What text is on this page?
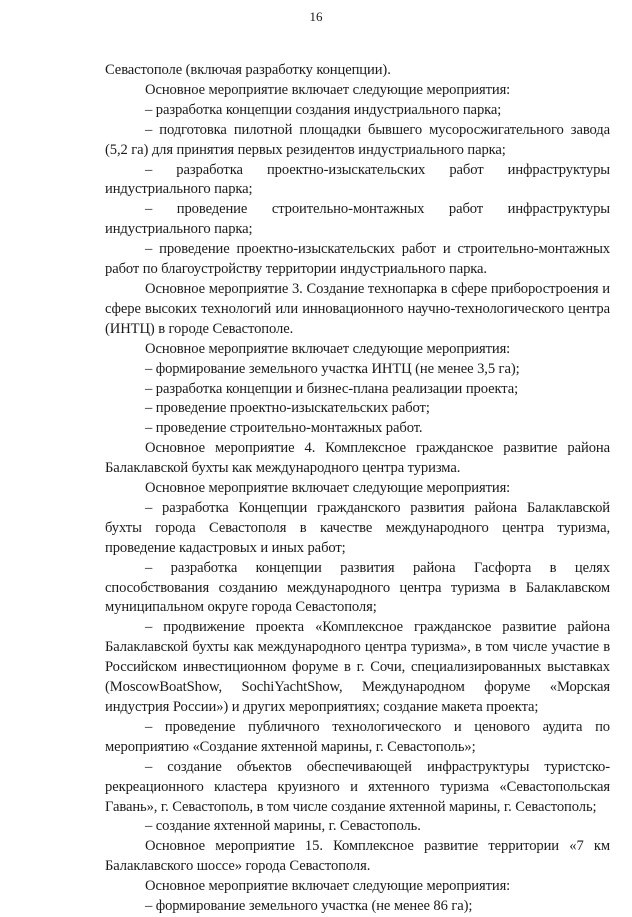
16

Севастополе (включая разработку концепции).

Основное мероприятие включает следующие мероприятия:

– разработка концепции создания индустриального парка;

– подготовка пилотной площадки бывшего мусоросжигательного завода (5,2 га) для принятия первых резидентов индустриального парка;

– разработка проектно-изыскательских работ инфраструктуры индустриального парка;

– проведение строительно-монтажных работ инфраструктуры индустриального парка;

– проведение проектно-изыскательских работ и строительно-монтажных работ по благоустройству территории индустриального парка.

Основное мероприятие 3. Создание технопарка в сфере приборостроения и сфере высоких технологий или инновационного научно-технологического центра (ИНТЦ) в городе Севастополе.

Основное мероприятие включает следующие мероприятия:

– формирование земельного участка ИНТЦ (не менее 3,5 га);

– разработка концепции и бизнес-плана реализации проекта;

– проведение проектно-изыскательских работ;

– проведение строительно-монтажных работ.

Основное мероприятие 4. Комплексное гражданское развитие района Балаклавской бухты как международного центра туризма.

Основное мероприятие включает следующие мероприятия:

– разработка Концепции гражданского развития района Балаклавской бухты города Севастополя в качестве международного центра туризма, проведение кадастровых и иных работ;

– разработка концепции развития района Гасфорта в целях способствования созданию международного центра туризма в Балаклавском муниципальном округе города Севастополя;

– продвижение проекта «Комплексное гражданское развитие района Балаклавской бухты как международного центра туризма», в том числе участие в Российском инвестиционном форуме в г. Сочи, специализированных выставках (MoscowBoatShow, SochiYachtShow, Международном форуме «Морская индустрия России») и других мероприятиях; создание макета проекта;

– проведение публичного технологического и ценового аудита по мероприятию «Создание яхтенной марины, г. Севастополь»;

– создание объектов обеспечивающей инфраструктуры туристско-рекреационного кластера круизного и яхтенного туризма «Севастопольская Гавань», г. Севастополь, в том числе создание яхтенной марины, г. Севастополь;

– создание яхтенной марины, г. Севастополь.

Основное мероприятие 15. Комплексное развитие территории «7 км Балаклавского шоссе» города Севастополя.

Основное мероприятие включает следующие мероприятия:

– формирование земельного участка (не менее 86 га);
